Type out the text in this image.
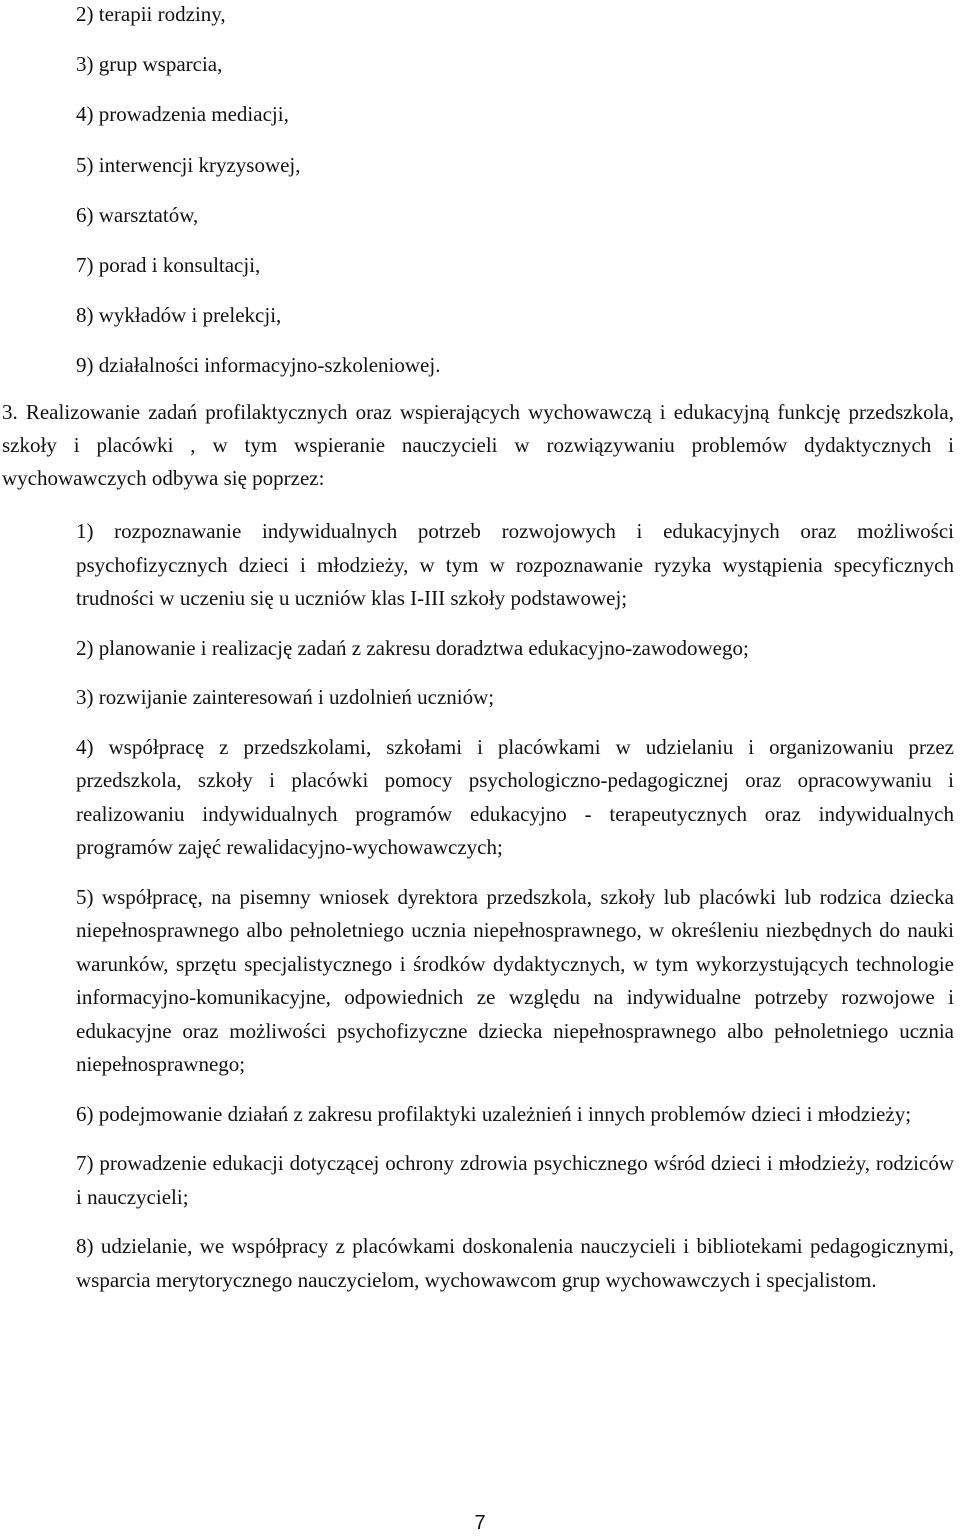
2) terapii rodziny,
3) grup wsparcia,
4) prowadzenia mediacji,
5) interwencji kryzysowej,
6) warsztatów,
7) porad i konsultacji,
8) wykładów i prelekcji,
9) działalności informacyjno-szkoleniowej.

3. Realizowanie zadań profilaktycznych oraz wspierających wychowawczą i edukacyjną funkcję przedszkola, szkoły i placówki , w tym wspieranie nauczycieli w rozwiązywaniu problemów dydaktycznych i wychowawczych odbywa się poprzez:

1) rozpoznawanie indywidualnych potrzeb rozwojowych i edukacyjnych oraz możliwości psychofizycznych dzieci i młodzieży, w tym w rozpoznawanie ryzyka wystąpienia specyficznych trudności w uczeniu się u uczniów klas I-III szkoły podstawowej;

2) planowanie i realizację zadań z zakresu doradztwa edukacyjno-zawodowego;

3) rozwijanie zainteresowań i uzdolnień uczniów;

4) współpracę z przedszkolami, szkołami i placówkami w udzielaniu i organizowaniu przez przedszkola, szkoły i placówki pomocy psychologiczno-pedagogicznej oraz opracowywaniu i realizowaniu indywidualnych programów edukacyjno - terapeutycznych oraz indywidualnych programów zajęć rewalidacyjno-wychowawczych;

5) współpracę, na pisemny wniosek dyrektora przedszkola, szkoły lub placówki lub rodzica dziecka niepełnosprawnego albo pełnoletniego ucznia niepełnosprawnego, w określeniu niezbędnych do nauki warunków, sprzętu specjalistycznego i środków dydaktycznych, w tym wykorzystujących technologie informacyjno-komunikacyjne, odpowiednich ze względu na indywidualne potrzeby rozwojowe i edukacyjne oraz możliwości psychofizyczne dziecka niepełnosprawnego albo pełnoletniego ucznia niepełnosprawnego;

6) podejmowanie działań z zakresu profilaktyki uzależnień i innych problemów dzieci i młodzieży;

7) prowadzenie edukacji dotyczącej ochrony zdrowia psychicznego wśród dzieci i młodzieży, rodziców i nauczycieli;

8) udzielanie, we współpracy z placówkami doskonalenia nauczycieli i bibliotekami pedagogicznymi, wsparcia merytorycznego nauczycielom, wychowawcom grup wychowawczych i specjalistom.

7
